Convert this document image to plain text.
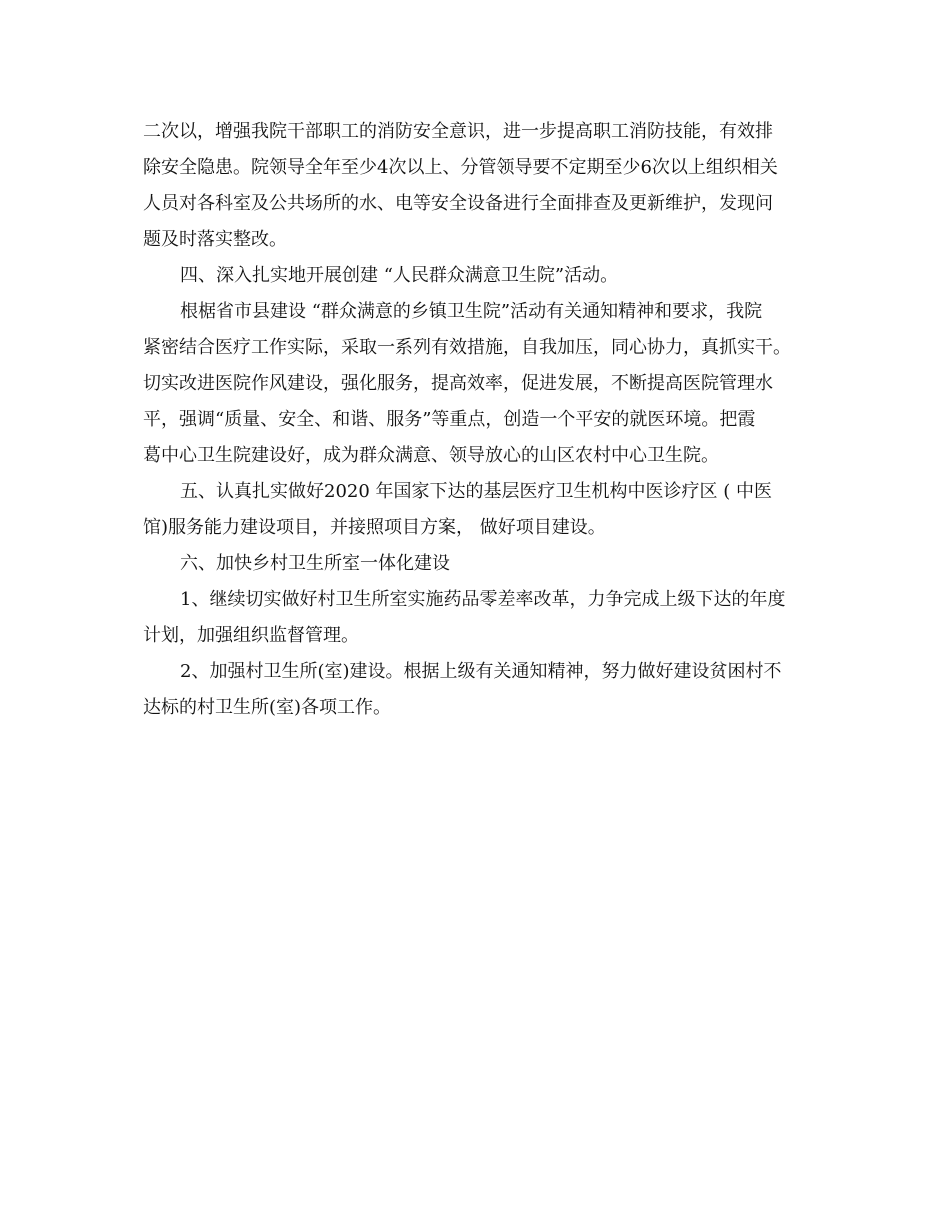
二次以，增强我院干部职工的消防安全意识，进一步提高职工消防技能，有效排
除安全隐患。院领导全年至少4次以上、分管领导要不定期至少6次以上组织相关
人员对各科室及公共场所的水、电等安全设备进行全面排查及更新维护，发现问
题及时落实整改。
四、深入扎实地开展创建 “人民群众满意卫生院”活动。
根椐省市县建设 “群众满意的乡镇卫生院”活动有关通知精神和要求，我院
紧密结合医疗工作实际，采取一系列有效措施，自我加压，同心协力，真抓实干。
切实改进医院作风建设，强化服务，提高效率，促进发展，不断提高医院管理水
平，强调“质量、安全、和谐、服务”等重点，创造一个平安的就医环境。把霞
葛中心卫生院建设好，成为群众满意、领导放心的山区农村中心卫生院。
五、认真扎实做好2020 年国家下达的基层医疗卫生机构中医诊疗区 ( 中医
馆)服务能力建设项目，并接照项目方案， 做好项目建设。
六、加快乡村卫生所室一体化建设
1、继续切实做好村卫生所室实施药品零差率改革，力争完成上级下达的年度
计划，加强组织监督管理。
2、加强村卫生所(室)建设。根据上级有关通知精神，努力做好建设贫困村不
达标的村卫生所(室)各项工作。
